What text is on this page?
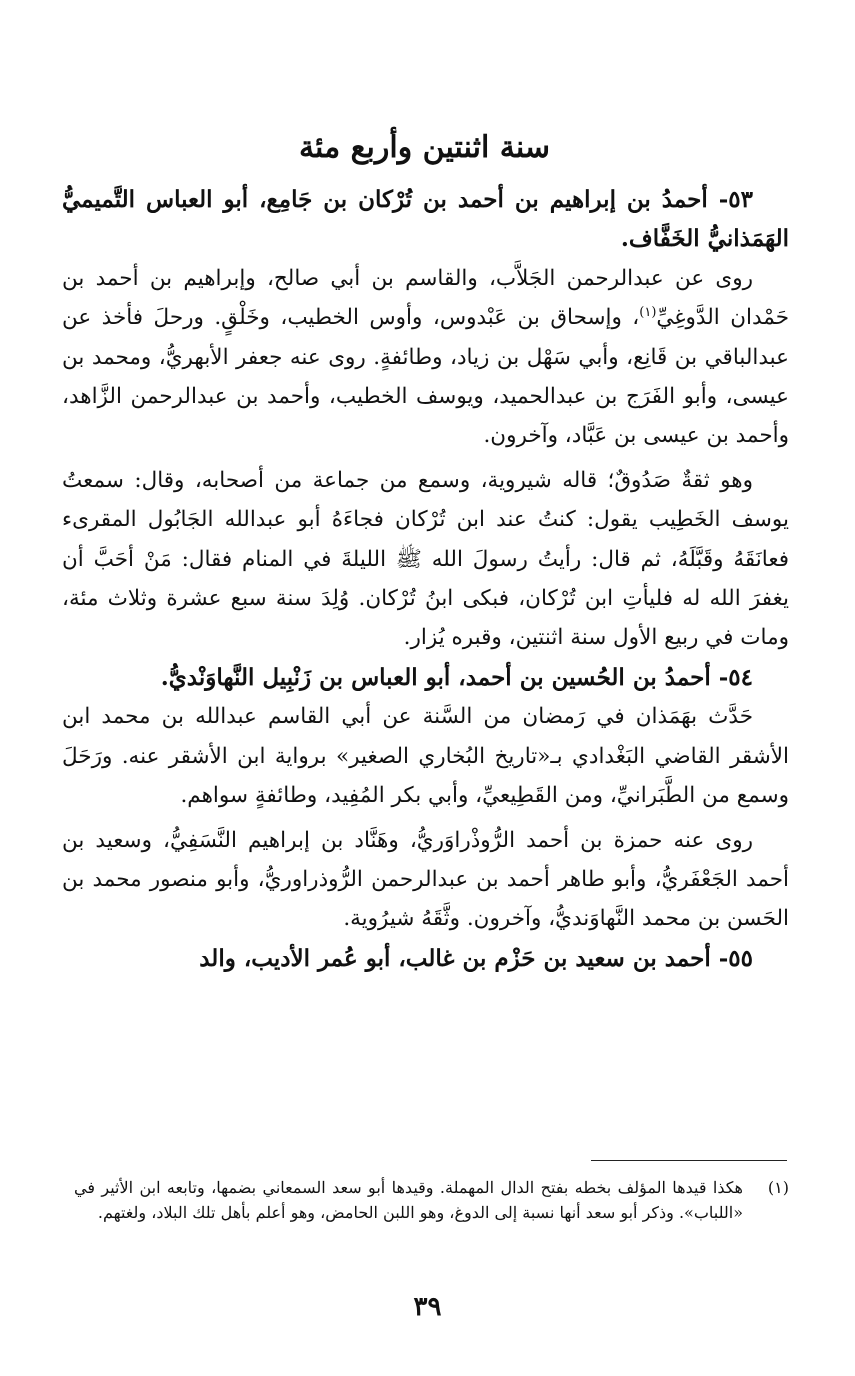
سنة اثنتين وأربع مئة

٥٣- أحمدُ بن إبراهيم بن أحمد بن تُرْكان بن جَامِع، أبو العباس التَّميميُّ الهَمَذانيُّ الخَفَّاف.

روى عن عبدالرحمن الجَلاَّب، والقاسم بن أبي صالح، وإبراهيم بن أحمد بن حَمْدان الدَّوغِيِّ$^{(١)}$، وإسحاق بن عَبْدوس، وأوس الخطيب، وخَلْقٍ. ورحلَ فأخذ عن عبدالباقي بن قَانِع، وأبي سَهْل بن زياد، وطائفةٍ. روى عنه جعفر الأبهريُّ، ومحمد بن عيسى، وأبو الفَرَج بن عبدالحميد، ويوسف الخطيب، وأحمد بن عبدالرحمن الزَّاهد، وأحمد بن عيسى بن عَبَّاد، وآخرون.

وهو ثقةٌ صَدُوقٌ؛ قاله شيروية، وسمع من جماعة من أصحابه، وقال: سمعتُ يوسف الخَطِيب يقول: كنتُ عند ابن تُرْكان فجاءَهُ أبو عبدالله الجَابُول المقرىء فعانَقَهُ وقَبَّلَهُ، ثم قال: رأيتُ رسولَ الله ﷺ الليلةَ في المنام فقال: مَنْ أحَبَّ أن يغفرَ الله له فليأتِ ابن تُرْكان، فبكى ابنُ تُرْكان. وُلِدَ سنة سبع عشرة وثلاث مئة، ومات في ربيع الأول سنة اثنتين، وقبره يُزار.

٥٤- أحمدُ بن الحُسين بن أحمد، أبو العباس بن زَنْبِيل النَّهاوَنْديُّ.

حَدَّث بهَمَذان في رَمضان من السَّنة عن أبي القاسم عبدالله بن محمد ابن الأشقر القاضي البَغْدادي بـ«تاريخ البُخاري الصغير» برواية ابن الأشقر عنه. ورَحَلَ وسمع من الطَّبَرانيِّ، ومن القَطِيعيِّ، وأبي بكر المُفِيد، وطائفةٍ سواهم.

روى عنه حمزة بن أحمد الرُّوذْراوَريُّ، وهَنَّاد بن إبراهيم النَّسَفِيُّ، وسعيد بن أحمد الجَعْفَريُّ، وأبو طاهر أحمد بن عبدالرحمن الرُّوذراوريُّ، وأبو منصور محمد بن الحَسن بن محمد النَّهاوَنديُّ، وآخرون. وثَّقَهُ شيرُوية.

٥٥- أحمد بن سعيد بن حَزْم بن غالب، أبو عُمر الأديب، والد

(١)
هكذا قيدها المؤلف بخطه بفتح الدال المهملة. وقيدها أبو سعد السمعاني بضمها، وتابعه ابن الأثير في «اللباب». وذكر أبو سعد أنها نسبة إلى الدوغ، وهو اللبن الحامض، وهو أعلم بأهل تلك البلاد، ولغتهم.
٣٩
